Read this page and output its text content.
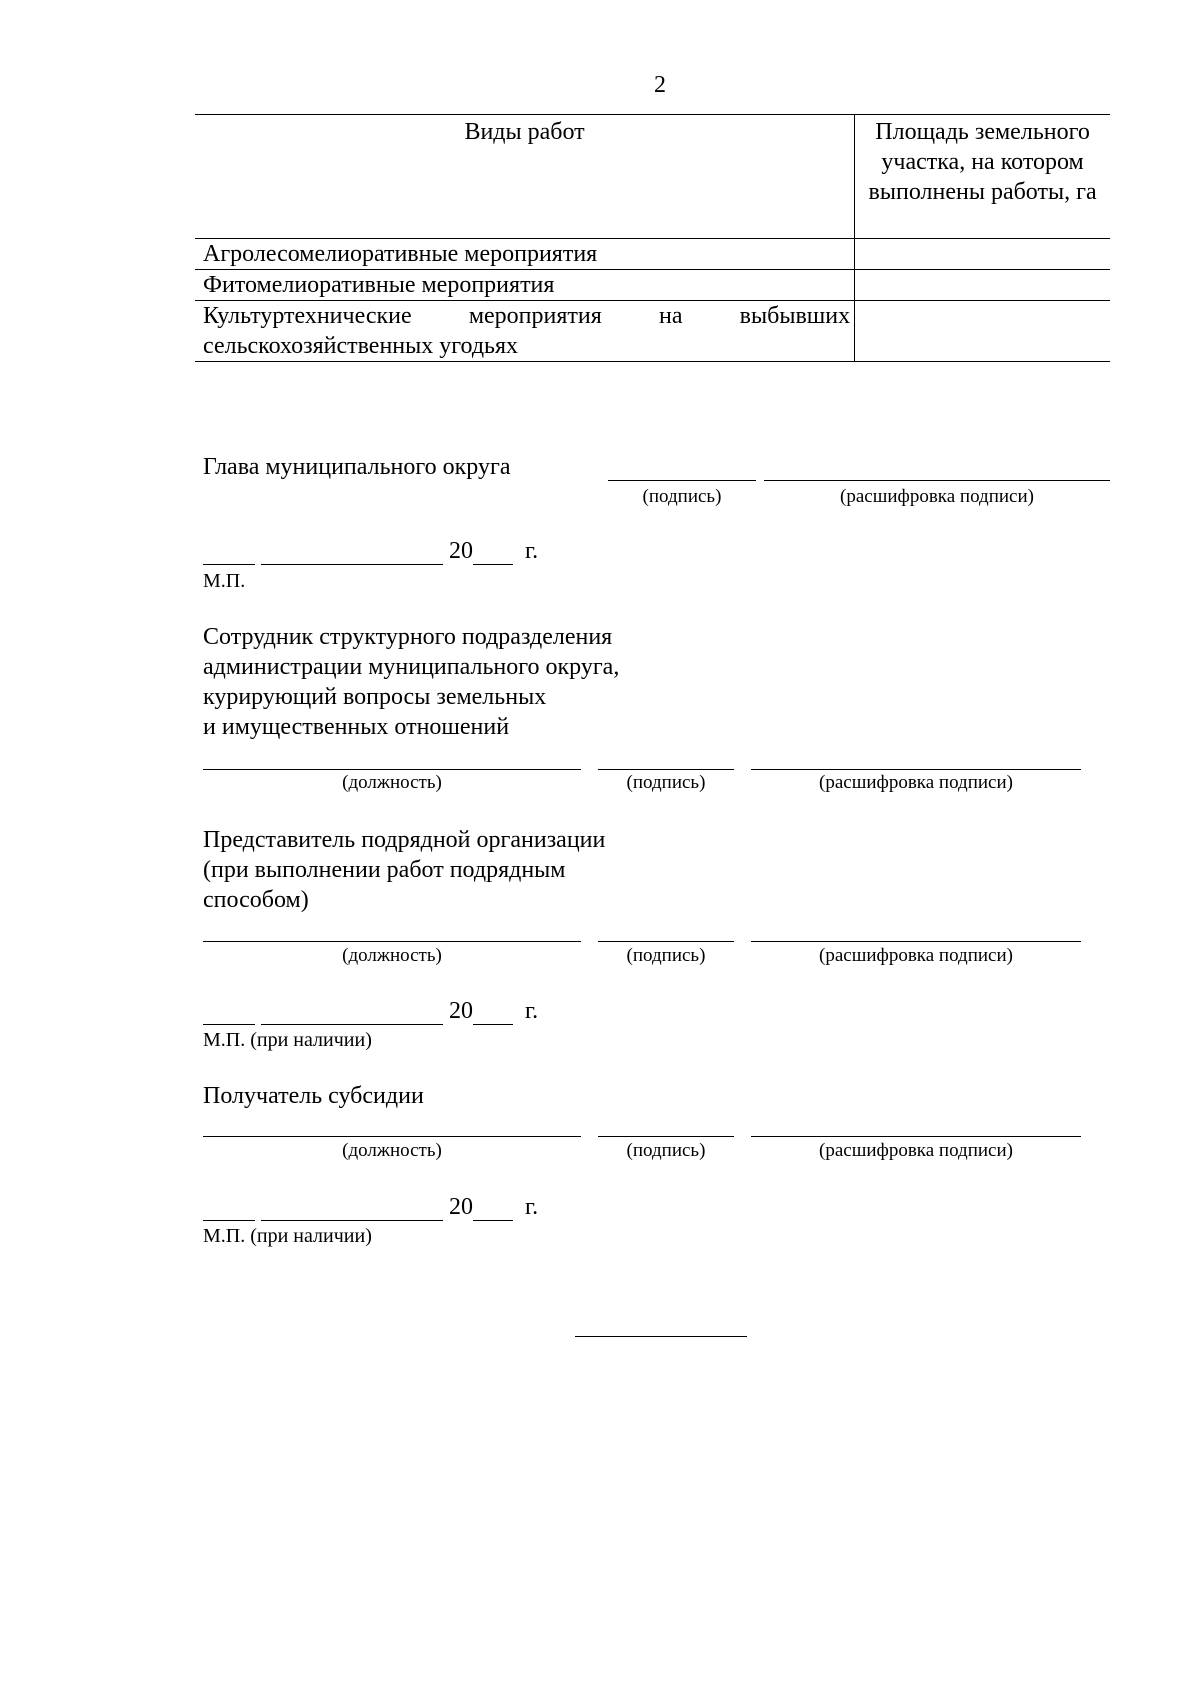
2
Виды работ	Площадь земельного участка, на котором выполнены работы, га
Агролесомелиоративные мероприятия	
Фитомелиоративные мероприятия	
Культуртехнические мероприятия на выбывших сельскохозяйственных угодьях	
Глава муниципального округа
(подпись)	(расшифровка подписи)
20 г.
М.П.
Сотрудник структурного подразделения
администрации муниципального округа,
курирующий вопросы земельных
и имущественных отношений
(должность)	(подпись)	(расшифровка подписи)
Представитель подрядной организации
(при выполнении работ подрядным
способом)
(должность)	(подпись)	(расшифровка подписи)
20 г.
М.П. (при наличии)
Получатель субсидии
(должность)	(подпись)	(расшифровка подписи)
20 г.
М.П. (при наличии)
